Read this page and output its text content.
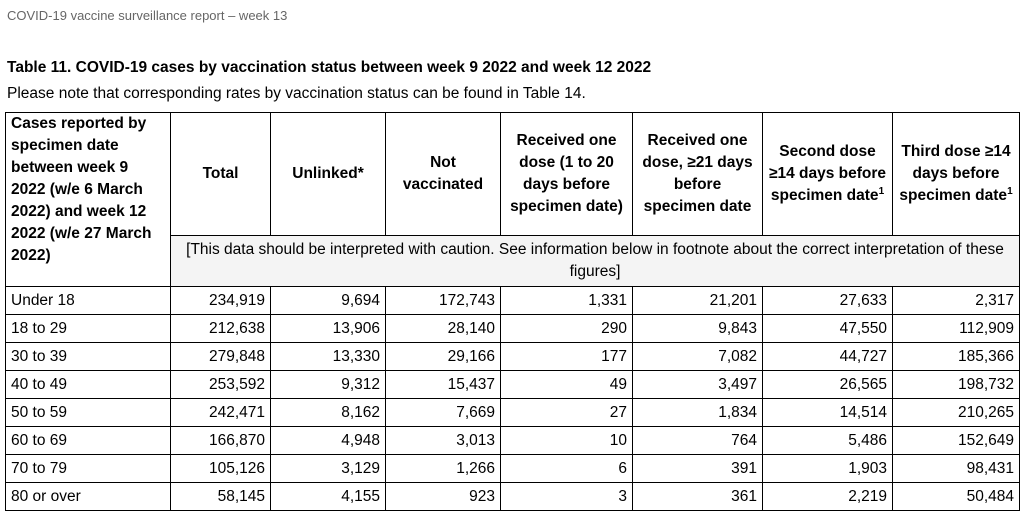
COVID-19 vaccine surveillance report – week 13
Table 11. COVID-19 cases by vaccination status between week 9 2022 and week 12 2022
Please note that corresponding rates by vaccination status can be found in Table 14.
Cases reported by specimen date between week 9 2022 (w/e 6 March 2022) and week 12 2022 (w/e 27 March 2022)	Total	Unlinked*	Not vaccinated	Received one dose (1 to 20 days before specimen date)	Received one dose, ≥21 days before specimen date	Second dose ≥14 days before specimen date$^1$	Third dose ≥14 days before specimen date$^1$
	[This data should be interpreted with caution. See information below in footnote about the correct interpretation of these figures]						
Under 18	234,919	9,694	172,743	1,331	21,201	27,633	2,317
18 to 29	212,638	13,906	28,140	290	9,843	47,550	112,909
30 to 39	279,848	13,330	29,166	177	7,082	44,727	185,366
40 to 49	253,592	9,312	15,437	49	3,497	26,565	198,732
50 to 59	242,471	8,162	7,669	27	1,834	14,514	210,265
60 to 69	166,870	4,948	3,013	10	764	5,486	152,649
70 to 79	105,126	3,129	1,266	6	391	1,903	98,431
80 or over	58,145	4,155	923	3	361	2,219	50,484
